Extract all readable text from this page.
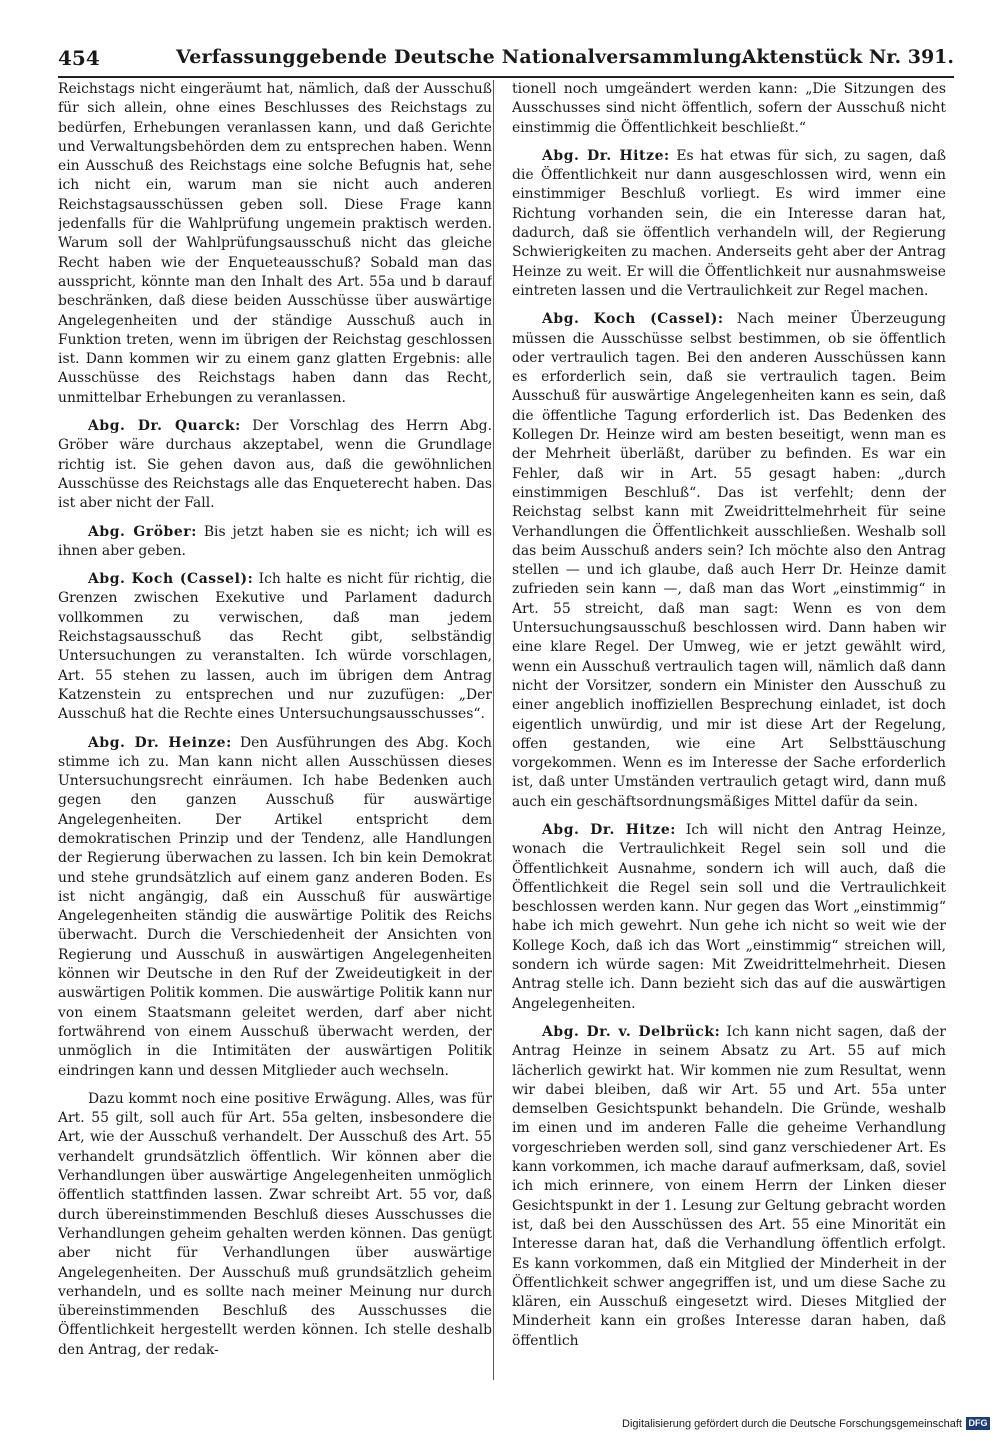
454	Verfassunggebende Deutsche Nationalversammlung.
Aktenstück Nr. 391.

Reichstags nicht eingeräumt hat, nämlich, daß der Ausschuß für sich allein, ohne eines Beschlusses des Reichstags zu bedürfen, Erhebungen veranlassen kann, und daß Gerichte und Verwaltungsbehörden dem zu entsprechen haben. Wenn ein Ausschuß des Reichstags eine solche Befugnis hat, sehe ich nicht ein, warum man sie nicht auch anderen Reichstagsausschüssen geben soll. Diese Frage kann jedenfalls für die Wahlprüfung ungemein praktisch werden. Warum soll der Wahlprüfungsausschuß nicht das gleiche Recht haben wie der Enqueteausschuß? Sobald man das ausspricht, könnte man den Inhalt des Art. 55a und b darauf beschränken, daß diese beiden Ausschüsse über auswärtige Angelegenheiten und der ständige Ausschuß auch in Funktion treten, wenn im übrigen der Reichstag geschlossen ist. Dann kommen wir zu einem ganz glatten Ergebnis: alle Ausschüsse des Reichstags haben dann das Recht, unmittelbar Erhebungen zu veranlassen.

Abg. Dr. Quarck: Der Vorschlag des Herrn Abg. Gröber wäre durchaus akzeptabel, wenn die Grundlage richtig ist. Sie gehen davon aus, daß die gewöhnlichen Ausschüsse des Reichstags alle das Enqueterecht haben. Das ist aber nicht der Fall.

Abg. Gröber: Bis jetzt haben sie es nicht; ich will es ihnen aber geben.

Abg. Koch (Cassel): Ich halte es nicht für richtig, die Grenzen zwischen Exekutive und Parlament dadurch vollkommen zu verwischen, daß man jedem Reichstagsausschuß das Recht gibt, selbständig Untersuchungen zu veranstalten. Ich würde vorschlagen, Art. 55 stehen zu lassen, auch im übrigen dem Antrag Katzenstein zu entsprechen und nur zuzufügen: „Der Ausschuß hat die Rechte eines Untersuchungsausschusses“.

Abg. Dr. Heinze: Den Ausführungen des Abg. Koch stimme ich zu. Man kann nicht allen Ausschüssen dieses Untersuchungsrecht einräumen. Ich habe Bedenken auch gegen den ganzen Ausschuß für auswärtige Angelegenheiten. Der Artikel entspricht dem demokratischen Prinzip und der Tendenz, alle Handlungen der Regierung überwachen zu lassen. Ich bin kein Demokrat und stehe grundsätzlich auf einem ganz anderen Boden. Es ist nicht angängig, daß ein Ausschuß für auswärtige Angelegenheiten ständig die auswärtige Politik des Reichs überwacht. Durch die Verschiedenheit der Ansichten von Regierung und Ausschuß in auswärtigen Angelegenheiten können wir Deutsche in den Ruf der Zweideutigkeit in der auswärtigen Politik kommen. Die auswärtige Politik kann nur von einem Staatsmann geleitet werden, darf aber nicht fortwährend von einem Ausschuß überwacht werden, der unmöglich in die Intimitäten der auswärtigen Politik eindringen kann und dessen Mitglieder auch wechseln.

Dazu kommt noch eine positive Erwägung. Alles, was für Art. 55 gilt, soll auch für Art. 55a gelten, insbesondere die Art, wie der Ausschuß verhandelt. Der Ausschuß des Art. 55 verhandelt grundsätzlich öffentlich. Wir können aber die Verhandlungen über auswärtige Angelegenheiten unmöglich öffentlich stattfinden lassen. Zwar schreibt Art. 55 vor, daß durch übereinstimmenden Beschluß dieses Ausschusses die Verhandlungen geheim gehalten werden können. Das genügt aber nicht für Verhandlungen über auswärtige Angelegenheiten. Der Ausschuß muß grundsätzlich geheim verhandeln, und es sollte nach meiner Meinung nur durch übereinstimmenden Beschluß des Ausschusses die Öffentlichkeit hergestellt werden können. Ich stelle deshalb den Antrag, der redak-

tionell noch umgeändert werden kann: „Die Sitzungen des Ausschusses sind nicht öffentlich, sofern der Ausschuß nicht einstimmig die Öffentlichkeit beschließt.“

Abg. Dr. Hitze: Es hat etwas für sich, zu sagen, daß die Öffentlichkeit nur dann ausgeschlossen wird, wenn ein einstimmiger Beschluß vorliegt. Es wird immer eine Richtung vorhanden sein, die ein Interesse daran hat, dadurch, daß sie öffentlich verhandeln will, der Regierung Schwierigkeiten zu machen. Anderseits geht aber der Antrag Heinze zu weit. Er will die Öffentlichkeit nur ausnahmsweise eintreten lassen und die Vertraulichkeit zur Regel machen.

Abg. Koch (Cassel): Nach meiner Überzeugung müssen die Ausschüsse selbst bestimmen, ob sie öffentlich oder vertraulich tagen. Bei den anderen Ausschüssen kann es erforderlich sein, daß sie vertraulich tagen. Beim Ausschuß für auswärtige Angelegenheiten kann es sein, daß die öffentliche Tagung erforderlich ist. Das Bedenken des Kollegen Dr. Heinze wird am besten beseitigt, wenn man es der Mehrheit überläßt, darüber zu befinden. Es war ein Fehler, daß wir in Art. 55 gesagt haben: „durch einstimmigen Beschluß“. Das ist verfehlt; denn der Reichstag selbst kann mit Zweidrittelmehrheit für seine Verhandlungen die Öffentlichkeit ausschließen. Weshalb soll das beim Ausschuß anders sein? Ich möchte also den Antrag stellen — und ich glaube, daß auch Herr Dr. Heinze damit zufrieden sein kann —, daß man das Wort „einstimmig“ in Art. 55 streicht, daß man sagt: Wenn es von dem Untersuchungsausschuß beschlossen wird. Dann haben wir eine klare Regel. Der Umweg, wie er jetzt gewählt wird, wenn ein Ausschuß vertraulich tagen will, nämlich daß dann nicht der Vorsitzer, sondern ein Minister den Ausschuß zu einer angeblich inoffiziellen Besprechung einladet, ist doch eigentlich unwürdig, und mir ist diese Art der Regelung, offen gestanden, wie eine Art Selbsttäuschung vorgekommen. Wenn es im Interesse der Sache erforderlich ist, daß unter Umständen vertraulich getagt wird, dann muß auch ein geschäftsordnungsmäßiges Mittel dafür da sein.

Abg. Dr. Hitze: Ich will nicht den Antrag Heinze, wonach die Vertraulichkeit Regel sein soll und die Öffentlichkeit Ausnahme, sondern ich will auch, daß die Öffentlichkeit die Regel sein soll und die Vertraulichkeit beschlossen werden kann. Nur gegen das Wort „einstimmig“ habe ich mich gewehrt. Nun gehe ich nicht so weit wie der Kollege Koch, daß ich das Wort „einstimmig“ streichen will, sondern ich würde sagen: Mit Zweidrittelmehrheit. Diesen Antrag stelle ich. Dann bezieht sich das auf die auswärtigen Angelegenheiten.

Abg. Dr. v. Delbrück: Ich kann nicht sagen, daß der Antrag Heinze in seinem Absatz zu Art. 55 auf mich lächerlich gewirkt hat. Wir kommen nie zum Resultat, wenn wir dabei bleiben, daß wir Art. 55 und Art. 55a unter demselben Gesichtspunkt behandeln. Die Gründe, weshalb im einen und im anderen Falle die geheime Verhandlung vorgeschrieben werden soll, sind ganz verschiedener Art. Es kann vorkommen, ich mache darauf aufmerksam, daß, soviel ich mich erinnere, von einem Herrn der Linken dieser Gesichtspunkt in der 1. Lesung zur Geltung gebracht worden ist, daß bei den Ausschüssen des Art. 55 eine Minorität ein Interesse daran hat, daß die Verhandlung öffentlich erfolgt. Es kann vorkommen, daß ein Mitglied der Minderheit in der Öffentlichkeit schwer angegriffen ist, und um diese Sache zu klären, ein Ausschuß eingesetzt wird. Dieses Mitglied der Minderheit kann ein großes Interesse daran haben, daß öffentlich

Digitalisierung gefördert durch die Deutsche Forschungsgemeinschaft DFG
